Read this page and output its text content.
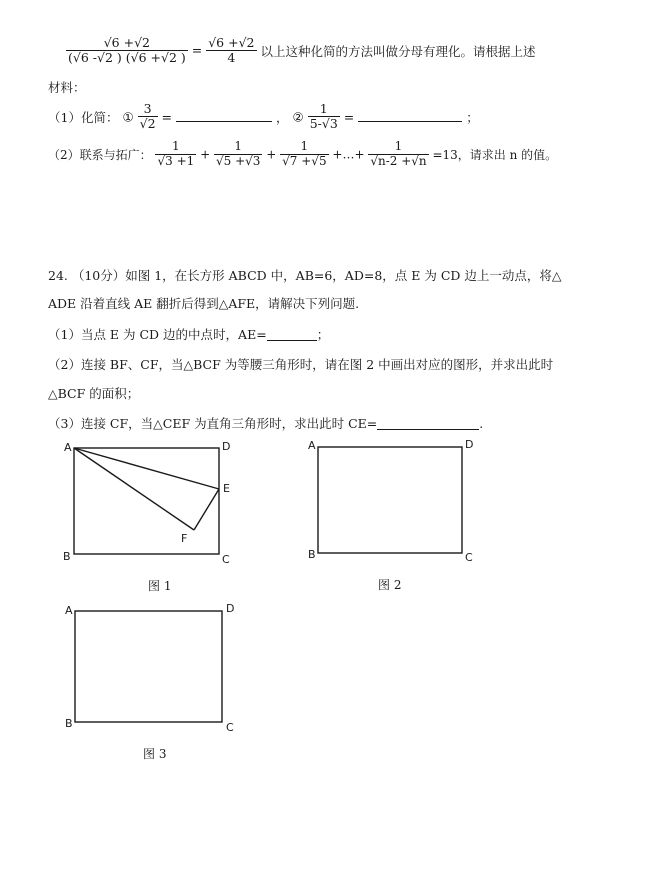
$\frac{√6 +√2}{(√6 -√2 ) (√6 +√2 )} = \frac{√6 +√2}{4}$ 以上这种化简的方法叫做分母有理化。请根据上述
材料：
（1）化简： ① $\frac{3}{√2}$ =	， ② $\frac{1}{5-√3}$ =	；
（2）联系与拓广： $\frac{1}{√3 +1} + \frac{1}{√5 +√3} + \frac{1}{√7 +√5}$ +…+ $\frac{1}{√n-2 +√n} =13$，请求出 n 的值。
24. （10分）如图 1，在长方形 ABCD 中，AB=6，AD=8，点 E 为 CD 边上一动点，将△
ADE 沿着直线 AE 翻折后得到△AFE，请解决下列问题.
（1）当点 E 为 CD 边的中点时，AE=	；
（2）连接 BF、CF，当△BCF 为等腰三角形时，请在图 2 中画出对应的图形，并求出此时
△BCF 的面积；
（3）连接 CF，当△CEF 为直角三角形时，求出此时 CE=	.
A	D
E
F
B	C
图 1
A	D
B	C
图 2
A	D
B	C
图 3
